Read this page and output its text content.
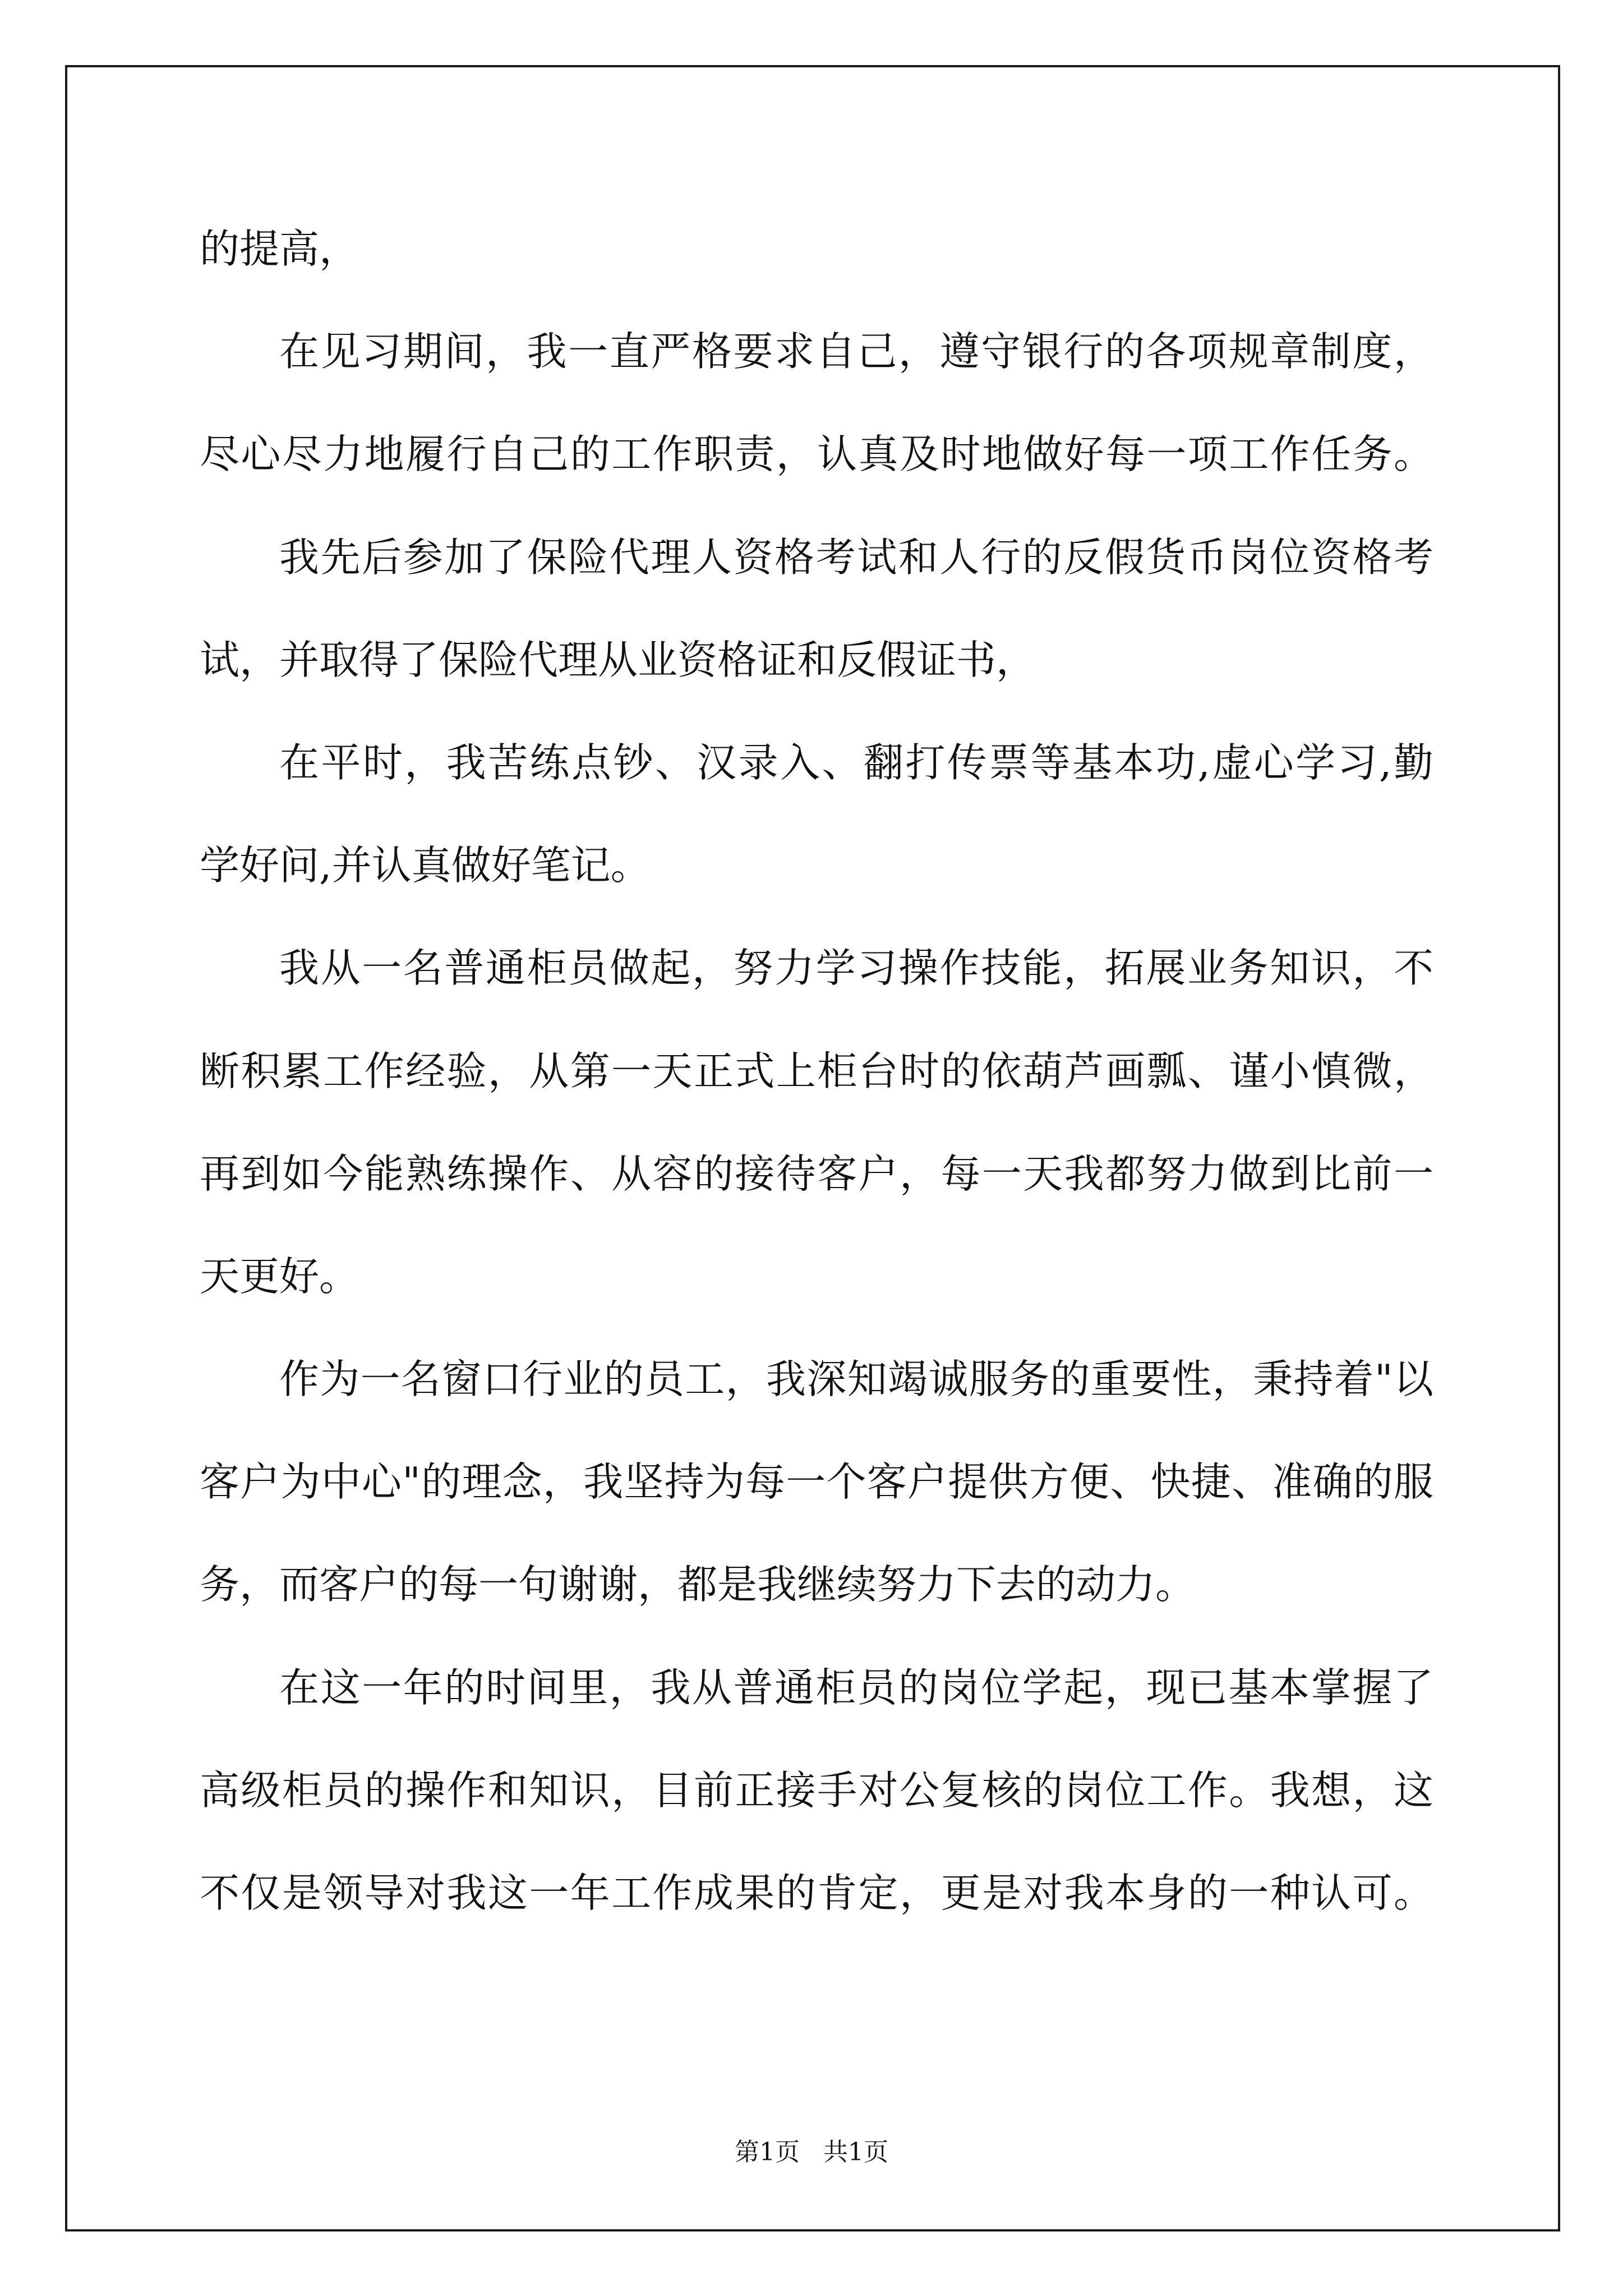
的提高，
在见习期间，我一直严格要求自己，遵守银行的各项规章制度，
尽心尽力地履行自己的工作职责，认真及时地做好每一项工作任务。
我先后参加了保险代理人资格考试和人行的反假货币岗位资格考
试，并取得了保险代理从业资格证和反假证书，
在平时，我苦练点钞、汉录入、翻打传票等基本功,虚心学习,勤
学好问,并认真做好笔记。
我从一名普通柜员做起，努力学习操作技能，拓展业务知识，不
断积累工作经验，从第一天正式上柜台时的依葫芦画瓢、谨小慎微，
再到如今能熟练操作、从容的接待客户，每一天我都努力做到比前一
天更好。
作为一名窗口行业的员工，我深知竭诚服务的重要性，秉持着"以
客户为中心"的理念，我坚持为每一个客户提供方便、快捷、准确的服
务，而客户的每一句谢谢，都是我继续努力下去的动力。
在这一年的时间里，我从普通柜员的岗位学起，现已基本掌握了
高级柜员的操作和知识，目前正接手对公复核的岗位工作。我想，这
不仅是领导对我这一年工作成果的肯定，更是对我本身的一种认可。
第1页 共1页
